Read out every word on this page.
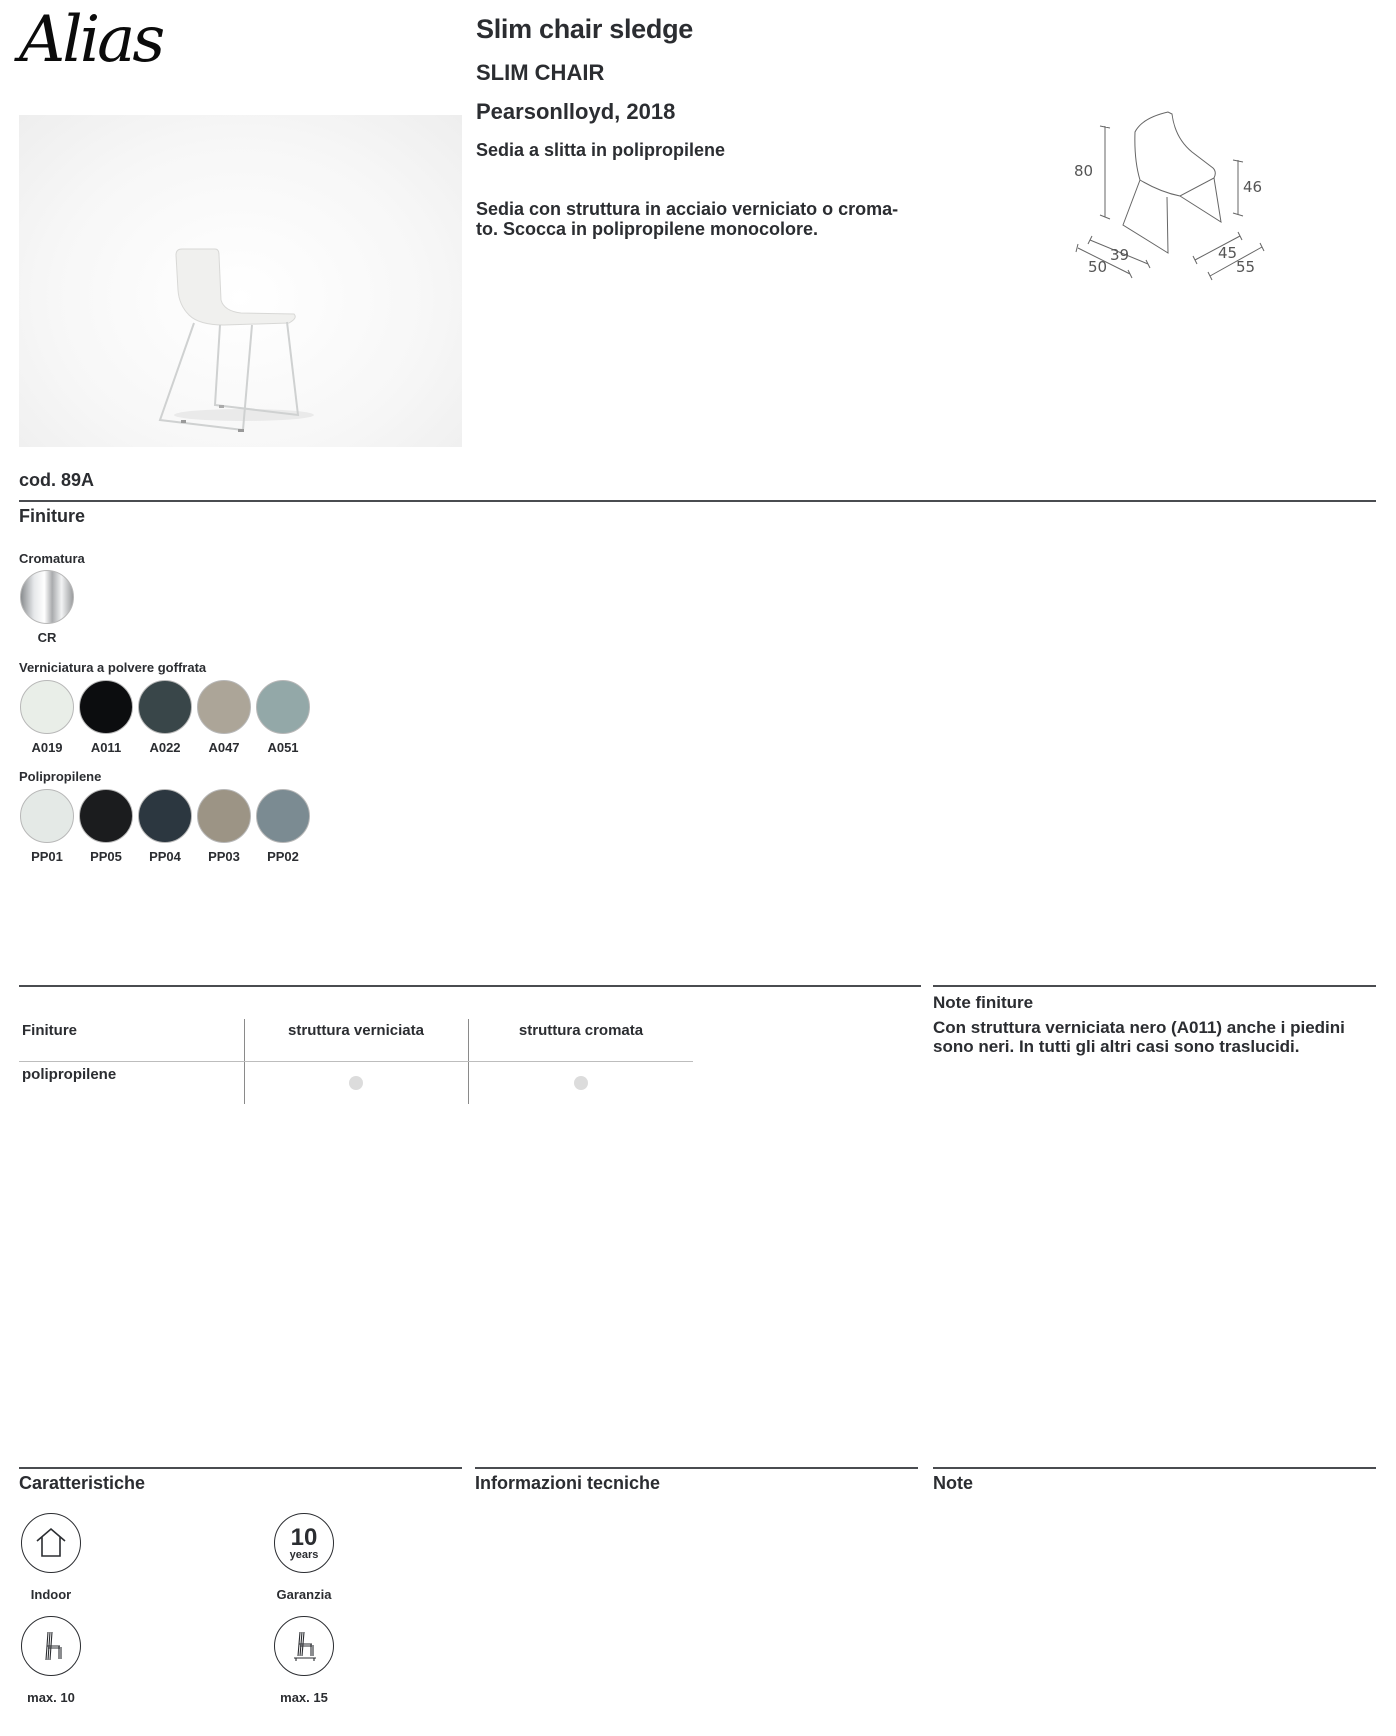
Alias	Slim chair sledge
SLIM CHAIR
Pearsonlloyd, 2018
Sedia a slitta in polipropilene
Sedia con struttura in acciaio verniciato o croma-
to. Scocca in polipropilene monocolore.
80
46
39
50
45
55
cod. 89A
Finiture
Cromatura
CR
Verniciatura a polvere goffrata
A019 A011 A022 A047 A051
Polipropilene
PP01 PP05 PP04 PP03 PP02
Finiture	struttura verniciata	struttura cromata
polipropilene
Note finiture
Con struttura verniciata nero (A011) anche i piedini
sono neri. In tutti gli altri casi sono traslucidi.
Caratteristiche	Informazioni tecniche	Note
Indoor
10
years
Garanzia
max. 10	max. 15
